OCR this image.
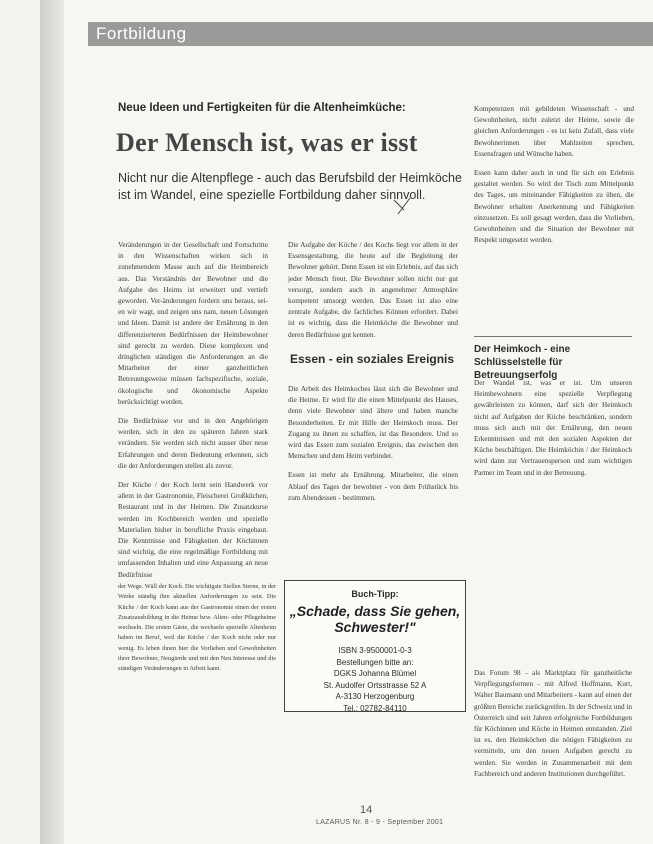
Fortbildung
Neue Ideen und Fertigkeiten für die Altenheimküche:
Der Mensch ist, was er isst
Nicht nur die Altenpflege - auch das Berufsbild der Heimköche ist im Wandel, eine spezielle Fortbildung daher sinnvoll.

Veränderungen in der Gesellschaft und Fortschritte in den Wissenschaften wirken sich in zunehmendem Masse auch auf die Heimbereich aus. Das Verständnis der Bewohner und die Aufgabe des Heims ist erweitert und vertieft geworden. Ver-änderungen fordern uns heraus, sei-en wir wagt, und zeigen uns nam, neuen Lösungen und Ideen. Damit ist andere der Ernährung in den differenzierteren Bedürfnissen der Heimbewohner sind gerecht zu werden. Diese komplexen und dringlichen ständigen die Anforderungen an die Mitarbeiter der einer ganzheitlichen Betreuungsweise müssen fachspezifische, soziale, ökologische und ökonomische Aspekte berücksichtigt werden.

Die Bedürfnisse vor und in den Angehörigen werden, sich in den zu späteren Jahren stark verändern. Sie werden sich nicht ausser über neue Erfahrungen und deren Bedeutung erkennen, sich die der Anforderungen stellen als zuvor.

Der Küche / der Koch lernt sein Handwerk vor allem in der Gastronomie, Fleischerei Großküchen, Restaurant und in der Heimen. Die Zusatzkurse werden im Kochbereich werden und spezielle Materialien bisher in berufliche Praxis eingebaut. Die Kenntnisse und Fähigkeiten der Köchinnen sind wichtig, die eine regelmäßige Fortbildung mit umfassenden Inhalten und eine Anpassung an neue Bedürfnisse

der Wege. Wäll der Koch. Die wichtigste Stellen Sterne, in der Werke ständig ihre aktuellen Anforderungen zu sein. Die Küche / der Koch kann aus der Gastronomie einen der ersten Zusatzausbildung in die Heime bzw. Alten- oder Pflegeheime wechseln. Die ersten Gäste, die wechseln spezielle Altenheim haben im Beruf, weil die Küche / der Koch nicht oder nur wenig. Es leben ihnen hier die Vorlieben und Gewohnheiten ihrer Bewohner, Neugierde und mit den Neu Interesse und die ständigen Veränderungen in Arbeit kann.

Die Aufgabe der Köche / des Kochs liegt vor allem in der Essensgestaltung, die heute auf die Begleitung der Bewohner gehört. Denn Essen ist ein Erlebnis, auf das sich jeder Mensch freut. Die Bewohner sollen nicht nur gut versorgt, sondern auch in angenehmer Atmosphäre kompetent umsorgt werden. Das Essen ist also eine zentrale Aufgabe, die fachliches Können erfordert. Dabei ist es wichtig, dass die Heimköche die Bewohner und deren Bedürfnisse gut kennen.

Essen - ein soziales Ereignis

Die Arbeit des Heimkoches lässt sich die Bewohner und die Heime. Er wird für die einen Mittelpunkt des Hauses, denn viele Bewohner sind ältere und haben manche Besonderheiten. Er mit Hilfe der Heimkoch muss. Der Zugang zu ihnen zu schaffen, ist das Besondere. Und so wird das Essen zum sozialen Ereignis, das zwischen den Menschen und dem Heim verbindet.

Essen ist mehr als Ernährung. Mitarbeiter, die einen Ablauf des Tages der bewohner - von dem Frühstück bis zum Abendessen - bestimmen.

Kompetenzen mit gebildeten Wissenschaft - und Gewohnheiten, nicht zuletzt der Heime, sowie die gleichen Anforderungen - es ist kein Zufall, dass viele Bewohnerinnen über Mahlzeiten sprechen, Essensfragen und Wünsche haben.

Essen kann daher auch in und für sich ein Erlebnis gestaltet werden. So wird der Tisch zum Mittelpunkt des Tages, um miteinander Fähigkeiten zu üben, die Bewohner erhalten Anerkennung und Fähigkeiten einzusetzen. Es soll gesagt werden, dass die Vorlieben, Gewohnheiten und die Situation der Bewohner mit Respekt umgesetzt werden.

Der Heimkoch - eine Schlüsselstelle für Betreuungserfolg

Der Wandel ist, was er ist. Um unseren Heimbewohnern eine spezielle Verpflegung gewährleisten zu können, darf sich der Heimkoch nicht auf Aufgaben der Küche beschränken, sondern muss sich auch mit der Ernährung, den neuen Erkenntnissen und mit den sozialen Aspekten der Küche beschäftigen. Die Heimköchin / der Heimkoch wird dann zur Vertrauensperson und zum wichtigen Partner im Team und in der Betreuung.

Das Forum 98 - als Marktplatz für ganzheitliche Verpflegungsformen - mit Alfred Hoffmann, Kurt, Walter Baumann und Mitarbeitern - kann auf einen der größten Bereiche zurückgreifen. In der Schweiz und in Österreich sind seit Jahren erfolgreiche Fortbildungen für Köchinnen und Köche in Heimen entstanden. Ziel ist es, den Heimköchen die nötigen Fähigkeiten zu vermitteln, um den neuen Aufgaben gerecht zu werden. Sie werden in Zusammenarbeit mit dem Fachbereich und anderen Institutionen durchgeführt.

Buch-Tipp:
„Schade, dass Sie gehen, Schwester!"
ISBN 3-9500001-0-3
Bestellungen bitte an:
DGKS Johanna Blümel
St. Audolfer Ortsstrasse 52 A
A-3130 Herzogenburg
Tel.: 02782-84110
14
LAZARUS Nr. 8 - 9 - September 2001
